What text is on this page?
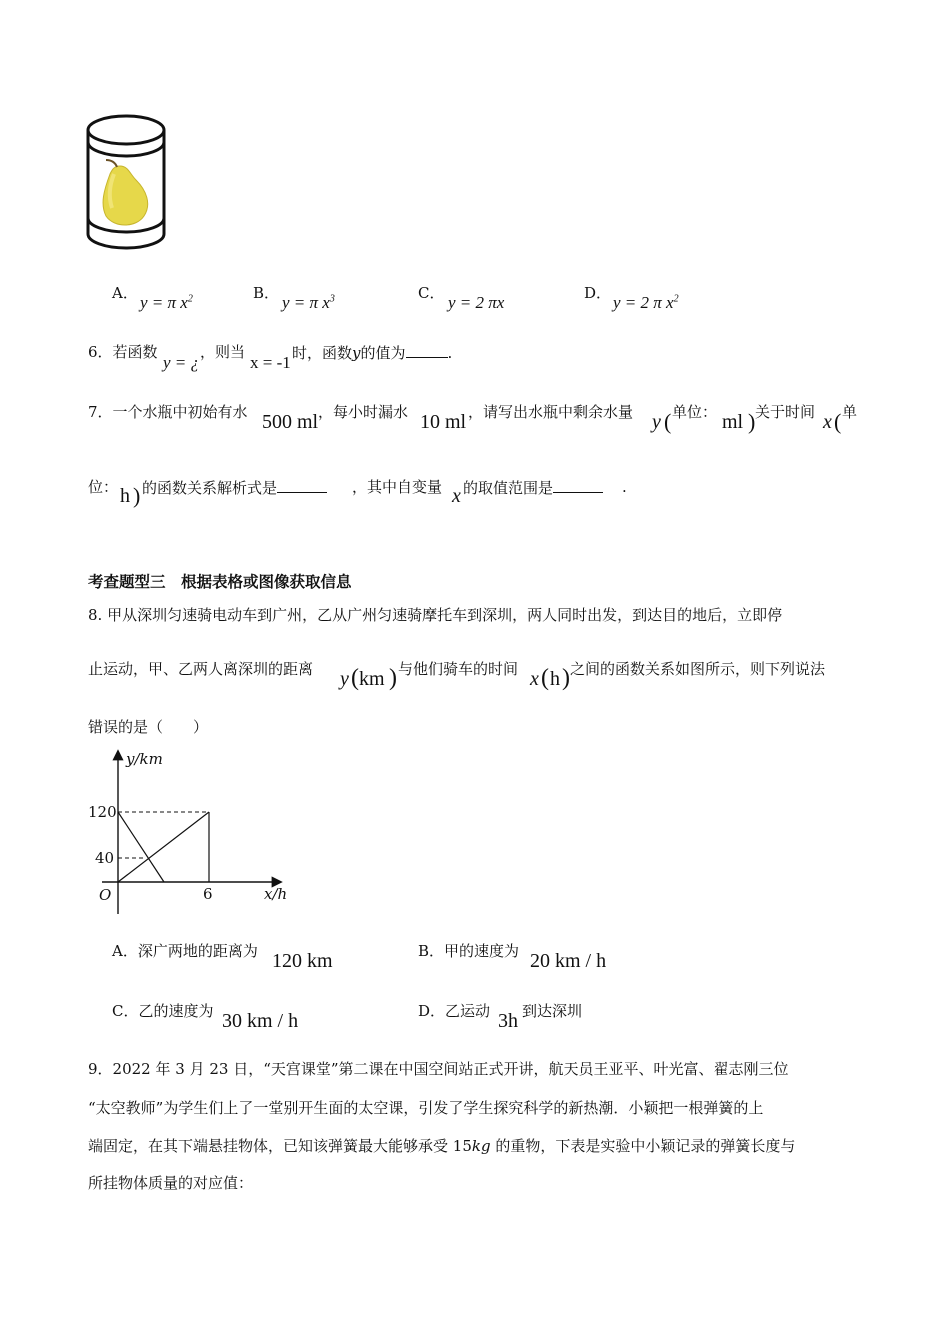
A． y = π $x^2$	B． y = π $x^3$	C． y = 2 πx	D． y = 2 π $x^2$
6．若函数
y = ¿
，则当
x = -1 时，函数y的值为	.
7．一个水瓶中初始有水 500 ml ，每小时漏水 10 ml ，请写出水瓶中剩余水量 y ( 单位： ml ) 关于时间 x ( 单
位： h ) 的函数关系解析式是	，其中自变量 x 的取值范围是	.
考查题型三　根据表格或图像获取信息
8. 甲从深圳匀速骑电动车到广州，乙从广州匀速骑摩托车到深圳，两人同时出发，到达目的地后，立即停
止运动，甲、乙两人离深圳的距离 y ( km ) 与他们骑车的时间 x ( h ) 之间的函数关系如图所示，则下列说法
错误的是（　　）
y/km
120
40
O	6	x/h
A．深广两地的距离为 120 km	B．甲的速度为 20 km / h
C．乙的速度为 30 km / h	D．乙运动 3h 到达深圳
9．2022 年 3 月 23 日，“天宫课堂”第二课在中国空间站正式开讲，航天员王亚平、叶光富、翟志刚三位
“太空教师”为学生们上了一堂别开生面的太空课，引发了学生探究科学的新热潮．小颖把一根弹簧的上
端固定，在其下端悬挂物体，已知该弹簧最大能够承受 15kg 的重物，下表是实验中小颖记录的弹簧长度与
所挂物体质量的对应值：
